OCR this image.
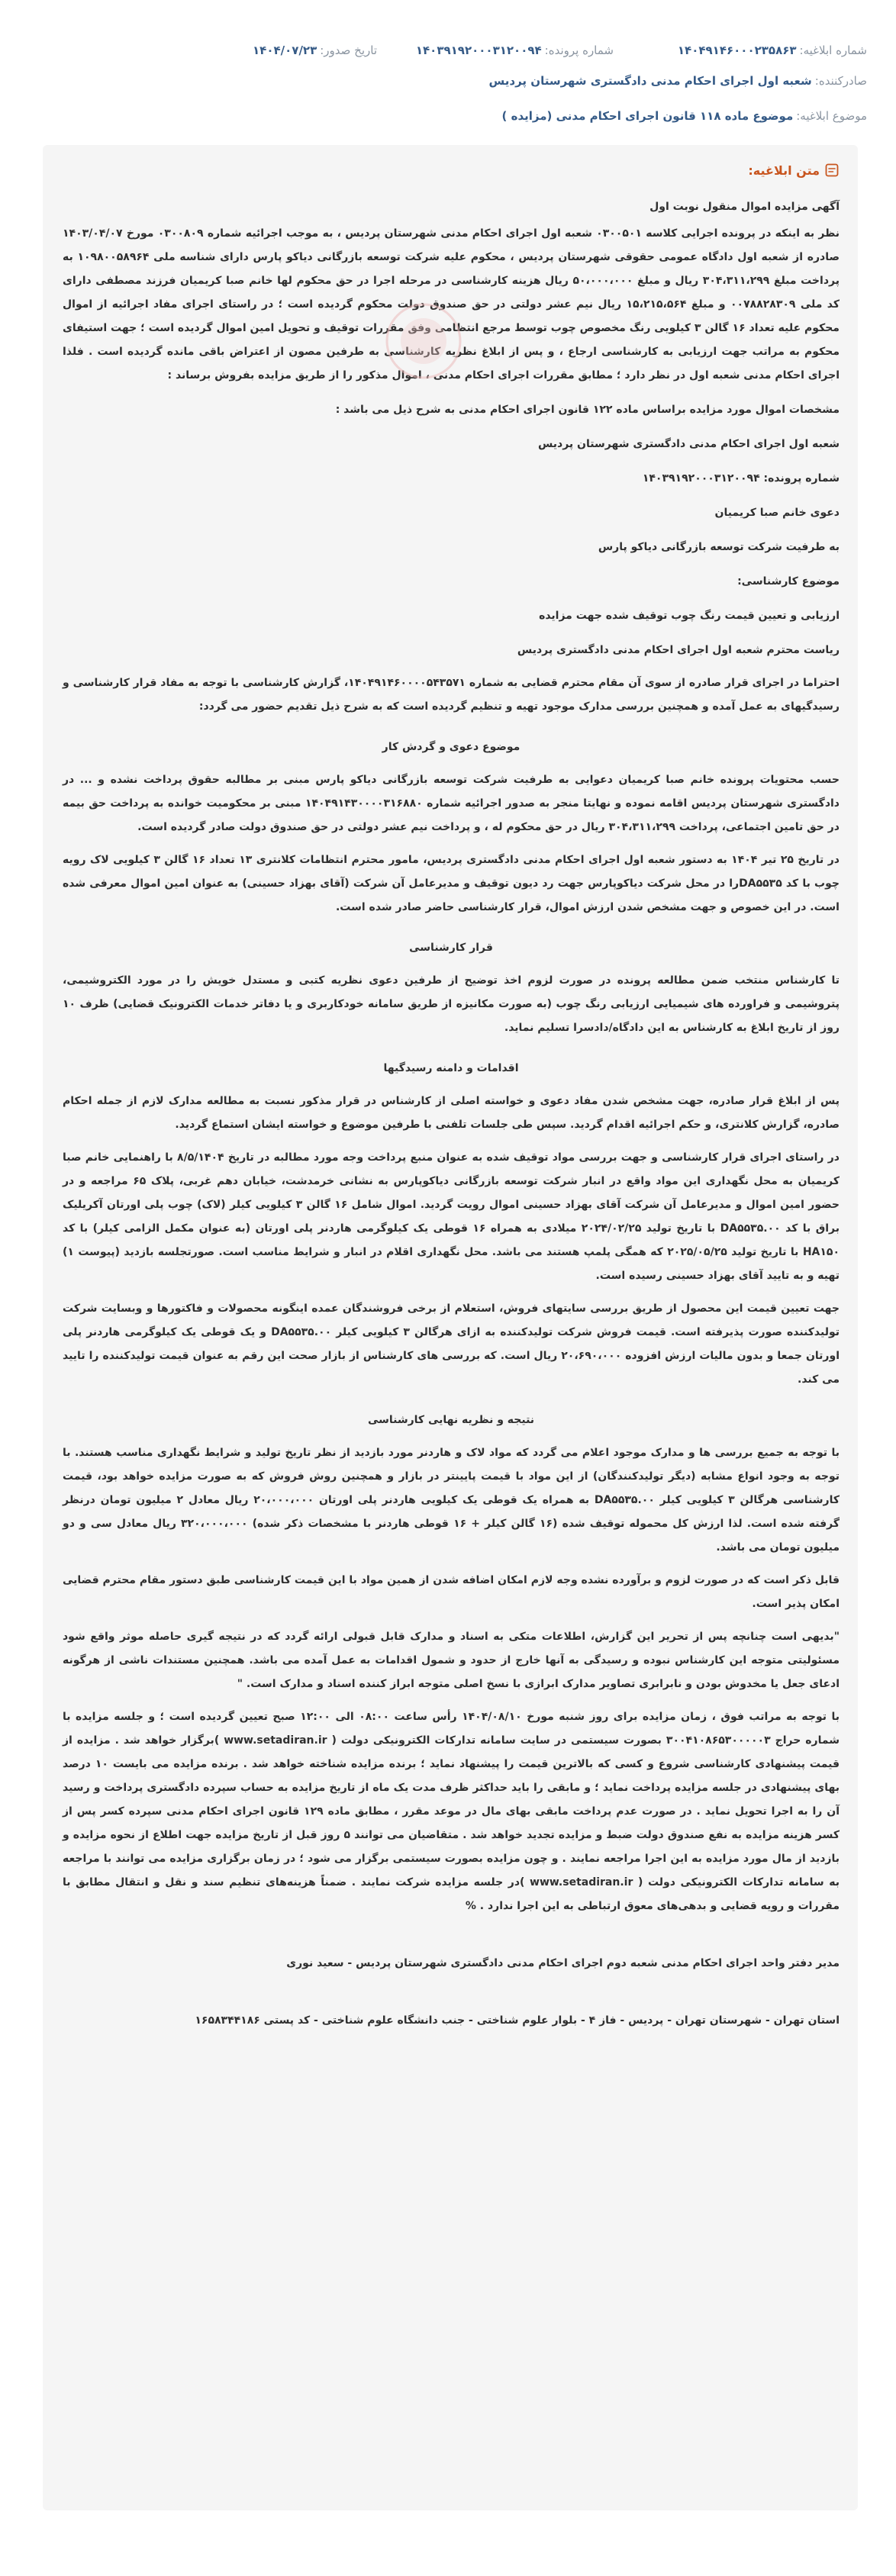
شماره ابلاغیه:
۱۴۰۴۹۱۴۶۰۰۰۲۳۵۸۶۳
شماره پرونده:
۱۴۰۳۹۱۹۲۰۰۰۳۱۲۰۰۹۴
تاریخ صدور:
۱۴۰۴/۰۷/۲۳
صادرکننده:
شعبه اول اجرای احکام مدنی دادگستری شهرستان پردیس
موضوع ابلاغیه:
موضوع ماده ۱۱۸ قانون اجرای احکام مدنی (مزایده )
متن ابلاغیه:
آگهی مزایده اموال منقول نوبت اول
نظر به اینکه در پرونده اجرایی کلاسه ۰۳۰۰۵۰۱ شعبه اول اجرای احکام مدنی شهرستان پردیس ، به موجب اجرائیه شماره ۰۳۰۰۸۰۹ مورخ ۱۴۰۳/۰۴/۰۷ صادره از شعبه اول دادگاه عمومی حقوقی شهرستان پردیس ، محکوم علیه شرکت توسعه بازرگانی دیاکو پارس دارای شناسه ملی ۱۰۹۸۰۰۵۸۹۶۴ به پرداخت مبلغ ۳۰۴،۳۱۱،۲۹۹ ریال و مبلغ ۵۰،۰۰۰،۰۰۰ ریال هزینه کارشناسی در مرحله اجرا در حق محکوم لها خانم صبا کریمیان فرزند مصطفی دارای کد ملی ۰۰۷۸۸۲۸۳۰۹ و مبلغ ۱۵،۲۱۵،۵۶۴ ریال نیم عشر دولتی در حق صندوق دولت محکوم گردیده است ؛ در راستای اجرای مفاد اجرائیه از اموال محکوم علیه تعداد ۱۶ گالن ۳ کیلویی رنگ مخصوص چوب توسط مرجع انتظامی وفق مقررات توقیف و تحویل امین اموال گردیده است ؛ جهت استیفای محکوم به مراتب جهت ارزیابی به کارشناسی ارجاع ، و پس از ابلاغ نظریه کارشناسی به طرفین مصون از اعتراض باقی مانده گردیده است . فلذا اجرای احکام مدنی شعبه اول در نظر دارد ؛ مطابق مقررات اجرای احکام مدنی ، اموال مذکور را از طریق مزایده بفروش برساند :
مشخصات اموال مورد مزایده براساس ماده ۱۲۲ قانون اجرای احکام مدنی به شرح ذیل می باشد :
شعبه اول اجرای احکام مدنی دادگستری شهرستان پردیس
شماره پرونده: ۱۴۰۳۹۱۹۲۰۰۰۳۱۲۰۰۹۴
دعوی خانم صبا کریمیان
به طرفیت شرکت توسعه بازرگانی دیاکو پارس
موضوع کارشناسی:
ارزیابی و تعیین قیمت رنگ چوب توقیف شده جهت مزایده
ریاست محترم شعبه اول اجرای احکام مدنی دادگستری پردیس
احتراما در اجرای قرار صادره از سوی آن مقام محترم قضایی به شماره ۱۴۰۴۹۱۴۶۰۰۰۰۵۴۳۵۷۱، گزارش کارشناسی با توجه به مفاد قرار کارشناسی و رسیدگیهای به عمل آمده و همچنین بررسی مدارک موجود تهیه و تنظیم گردیده است که به شرح ذیل تقدیم حضور می گردد:
موضوع دعوی و گردش کار
حسب محتویات پرونده خانم صبا کریمیان دعوایی به طرفیت شرکت توسعه بازرگانی دیاکو پارس مبنی بر مطالبه حقوق پرداخت نشده و ... در دادگستری شهرستان پردیس اقامه نموده و نهایتا منجر به صدور اجرائیه شماره ۱۴۰۴۹۱۴۳۰۰۰۰۳۱۶۸۸۰ مبنی بر محکومیت خوانده به پرداخت حق بیمه در حق تامین اجتماعی، پرداخت ۳۰۴،۳۱۱،۲۹۹ ریال در حق محکوم له ، و پرداخت نیم عشر دولتی در حق صندوق دولت صادر گردیده است.
در تاریخ ۲۵ تیر ۱۴۰۴ به دستور شعبه اول اجرای احکام مدنی دادگستری پردیس، مامور محترم انتظامات کلانتری ۱۳ تعداد ۱۶ گالن ۳ کیلویی لاک رویه چوب با کد DA۵۵۳۵را در محل شرکت دیاکوپارس جهت رد دیون توقیف و مدیرعامل آن شرکت (آقای بهزاد حسینی) به عنوان امین اموال معرفی شده است. در این خصوص و جهت مشخص شدن ارزش اموال، قرار کارشناسی حاضر صادر شده است.
قرار کارشناسی
تا کارشناس منتخب ضمن مطالعه پرونده در صورت لزوم اخذ توضیح از طرفین دعوی نظریه کتبی و مستدل خویش را در مورد الکتروشیمی، پتروشیمی و فراورده های شیمیایی ارزیابی رنگ چوب (به صورت مکانیزه از طریق سامانه خودکاربری و یا دفاتر خدمات الکترونیک قضایی) ظرف ۱۰ روز از تاریخ ابلاغ به کارشناس به این دادگاه/دادسرا تسلیم نماید.
اقدامات و دامنه رسیدگیها
پس از ابلاغ قرار صادره، جهت مشخص شدن مفاد دعوی و خواسته اصلی از کارشناس در قرار مذکور نسبت به مطالعه مدارک لازم از جمله احکام صادره، گزارش کلانتری، و حکم اجرائیه اقدام گردید. سپس طی جلسات تلفنی با طرفین موضوع و خواسته ایشان استماع گردید.
در راستای اجرای قرار کارشناسی و جهت بررسی مواد توقیف شده به عنوان منبع پرداخت وجه مورد مطالبه در تاریخ ۸/۵/۱۴۰۴ با راهنمایی خانم صبا کریمیان به محل نگهداری این مواد واقع در انبار شرکت توسعه بازرگانی دیاکوپارس به نشانی خرمدشت، خیابان دهم غربی، پلاک ۶۵ مراجعه و در حضور امین اموال و مدیرعامل آن شرکت آقای بهزاد حسینی اموال رویت گردید. اموال شامل ۱۶ گالن ۳ کیلویی کیلر (لاک) چوب پلی اورتان آکریلیک براق با کد DA۵۵۳۵.۰۰ با تاریخ تولید ۲۰۲۴/۰۲/۲۵ میلادی به همراه ۱۶ قوطی یک کیلوگرمی هاردنر پلی اورتان (به عنوان مکمل الزامی کیلر) با کد HA۱۵۰ با تاریخ تولید ۲۰۲۵/۰۵/۲۵ که همگی پلمپ هستند می باشد. محل نگهداری اقلام در انبار و شرایط مناسب است. صورتجلسه بازدید (پیوست ۱) تهیه و به تایید آقای بهزاد حسینی رسیده است.
جهت تعیین قیمت این محصول از طریق بررسی سایتهای فروش، استعلام از برخی فروشندگان عمده اینگونه محصولات و فاکتورها و وبسایت شرکت تولیدکننده صورت پذیرفته است. قیمت فروش شرکت تولیدکننده به ازای هرگالن ۳ کیلویی کیلر DA۵۵۳۵.۰۰ و یک قوطی یک کیلوگرمی هاردنر پلی اورتان جمعا و بدون مالیات ارزش افزوده ۲۰،۶۹۰،۰۰۰ ریال است. که بررسی های کارشناس از بازار صحت این رقم به عنوان قیمت تولیدکننده را تایید می کند.
نتیجه و نظریه نهایی کارشناسی
با توجه به جمیع بررسی ها و مدارک موجود اعلام می گردد که مواد لاک و هاردنر مورد بازدید از نظر تاریخ تولید و شرایط نگهداری مناسب هستند. با توجه به وجود انواع مشابه (دیگر تولیدکنندگان) از این مواد با قیمت پایینتر در بازار و همچنین روش فروش که به صورت مزایده خواهد بود، قیمت کارشناسی هرگالن ۳ کیلویی کیلر DA۵۵۳۵.۰۰ به همراه یک قوطی یک کیلویی هاردنر پلی اورتان ۲۰،۰۰۰،۰۰۰ ریال معادل ۲ میلیون تومان درنظر گرفته شده است. لذا ارزش کل محموله توقیف شده (۱۶ گالن کیلر + ۱۶ قوطی هاردنر با مشخصات ذکر شده) ۳۲۰،۰۰۰،۰۰۰ ریال معادل سی و دو میلیون تومان می باشد.
قابل ذکر است که در صورت لزوم و برآورده نشده وجه لازم امکان اضافه شدن از همین مواد با این قیمت کارشناسی طبق دستور مقام محترم قضایی امکان پذیر است.
"بدیهی است چنانچه پس از تحریر این گزارش، اطلاعات متکی به اسناد و مدارک قابل قبولی ارائه گردد که در نتیجه گیری حاصله موثر واقع شود مسئولیتی متوجه این کارشناس نبوده و رسیدگی به آنها خارج از حدود و شمول اقدامات به عمل آمده می باشد. همچنین مستندات ناشی از هرگونه ادعای جعل یا مخدوش بودن و نابرابری تصاویر مدارک ابرازی با نسخ اصلی متوجه ابراز کننده اسناد و مدارک است. "
با توجه به مراتب فوق ، زمان مزایده برای روز شنبه مورخ ۱۴۰۴/۰۸/۱۰ رأس ساعت ۰۸:۰۰ الی ۱۲:۰۰ صبح تعیین گردیده است ؛ و جلسه مزایده با شماره حراج ۳۰۰۴۱۰۸۶۵۳۰۰۰۰۰۳ بصورت سیستمی در سایت سامانه تدارکات الکترونیکی دولت ( www.setadiran.ir )برگزار خواهد شد . مزایده از قیمت پیشنهادی کارشناسی شروع و کسی که بالاترین قیمت را پیشنهاد نماید ؛ برنده مزایده شناخته خواهد شد . برنده مزایده می بایست ۱۰ درصد بهای پیشنهادی در جلسه مزایده پرداخت نماید ؛ و مابقی را باید حداکثر ظرف مدت یک ماه از تاریخ مزایده به حساب سپرده دادگستری پرداخت و رسید آن را به اجرا تحویل نماید . در صورت عدم پرداخت مابقی بهای مال در موعد مقرر ، مطابق ماده ۱۲۹ قانون اجرای احکام مدنی سپرده کسر پس از کسر هزینه مزایده به نفع صندوق دولت ضبط و مزایده تجدید خواهد شد . متقاضیان می توانند ۵ روز قبل از تاریخ مزایده جهت اطلاع از نحوه مزایده و بازدید از مال مورد مزایده به این اجرا مراجعه نمایند . و چون مزایده بصورت سیستمی برگزار می شود ؛ در زمان برگزاری مزایده می توانند با مراجعه به سامانه تدارکات الکترونیکی دولت ( www.setadiran.ir )در جلسه مزایده شرکت نمایند . ضمناً هزینه‌های تنظیم سند و نقل و انتقال مطابق با مقررات و رویه قضایی و بدهی‌های معوق ارتباطی به این اجرا ندارد . %
مدیر دفتر واحد اجرای احکام مدنی شعبه دوم اجرای احکام مدنی دادگستری شهرستان پردیس - سعید نوری
استان تهران - شهرستان تهران - پردیس - فاز ۴ - بلوار علوم شناختی - جنب دانشگاه علوم شناختی - کد پستی ۱۶۵۸۳۴۴۱۸۶
